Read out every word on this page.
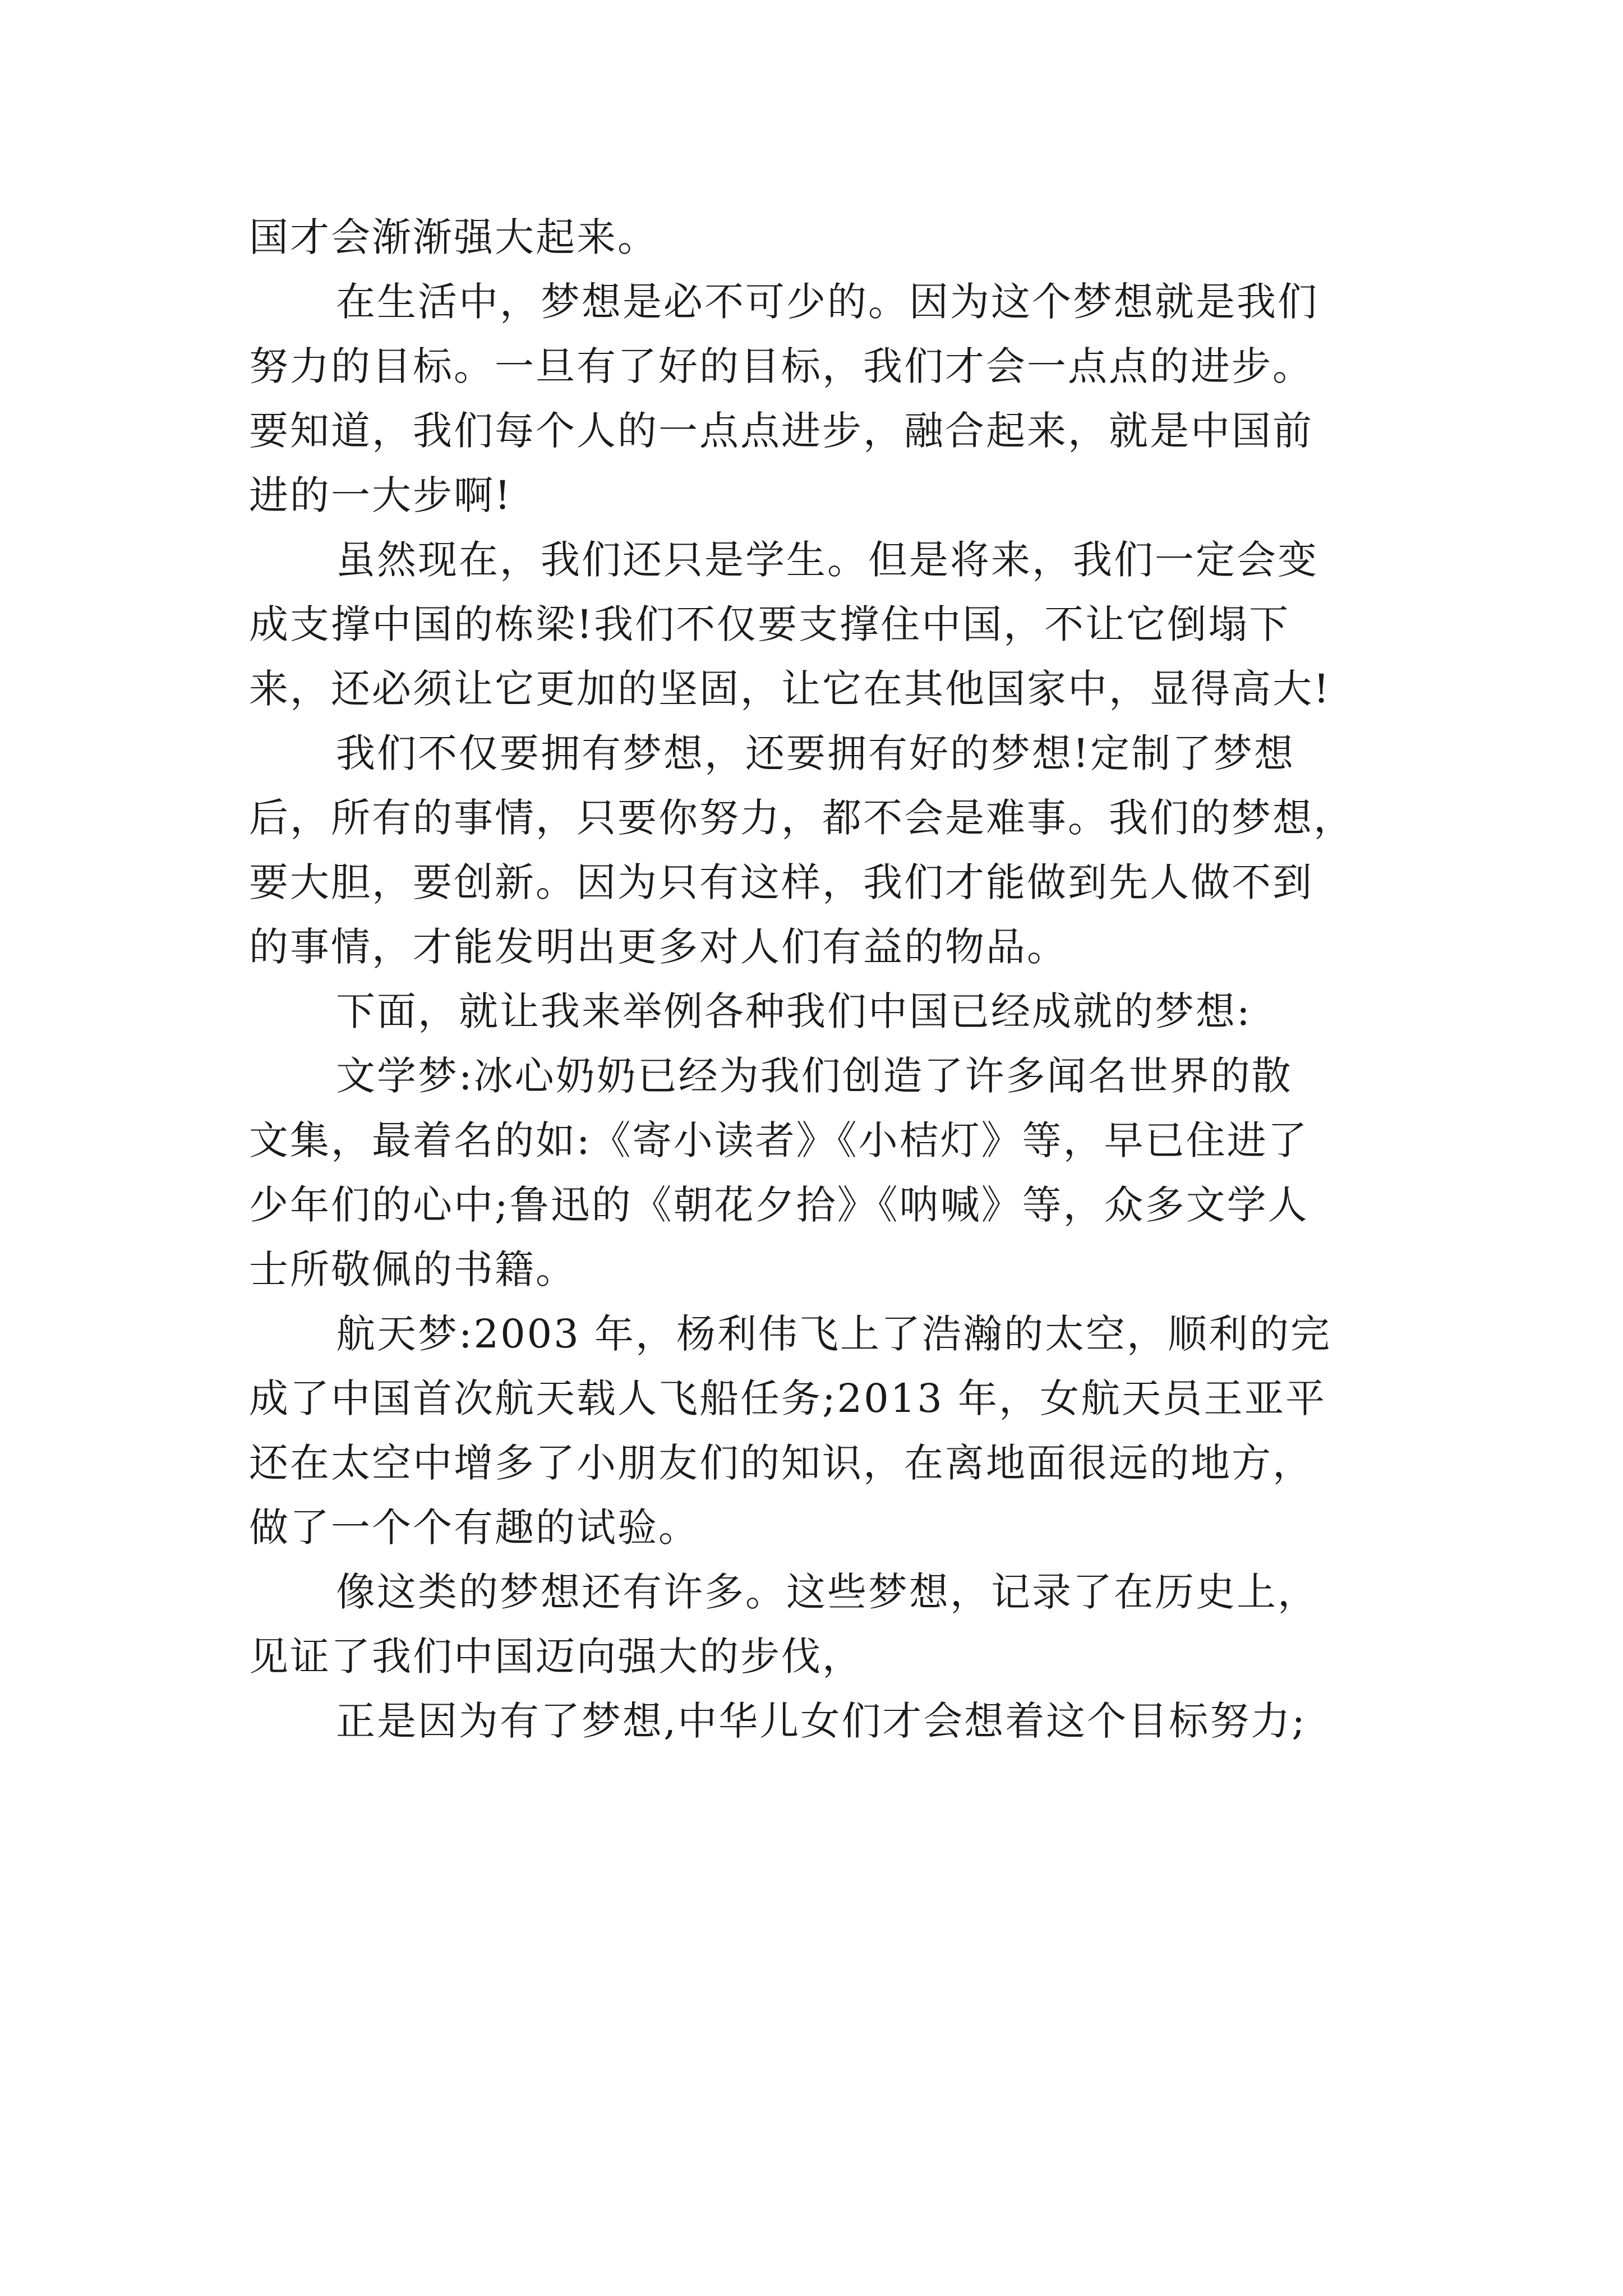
国才会渐渐强大起来。
在生活中，梦想是必不可少的。因为这个梦想就是我们
努力的目标。一旦有了好的目标，我们才会一点点的进步。
要知道，我们每个人的一点点进步，融合起来，就是中国前
进的一大步啊!
虽然现在，我们还只是学生。但是将来，我们一定会变
成支撑中国的栋梁!我们不仅要支撑住中国，不让它倒塌下
来，还必须让它更加的坚固，让它在其他国家中，显得高大!
我们不仅要拥有梦想，还要拥有好的梦想!定制了梦想
后，所有的事情，只要你努力，都不会是难事。我们的梦想，
要大胆，要创新。因为只有这样，我们才能做到先人做不到
的事情，才能发明出更多对人们有益的物品。
下面，就让我来举例各种我们中国已经成就的梦想:
文学梦:冰心奶奶已经为我们创造了许多闻名世界的散
文集，最着名的如:《寄小读者》《小桔灯》等，早已住进了
少年们的心中;鲁迅的《朝花夕拾》《呐喊》等，众多文学人
士所敬佩的书籍。
航天梦:2003 年，杨利伟飞上了浩瀚的太空，顺利的完
成了中国首次航天载人飞船任务;2013 年，女航天员王亚平
还在太空中增多了小朋友们的知识，在离地面很远的地方，
做了一个个有趣的试验。
像这类的梦想还有许多。这些梦想，记录了在历史上，
见证了我们中国迈向强大的步伐，
正是因为有了梦想,中华儿女们才会想着这个目标努力;
